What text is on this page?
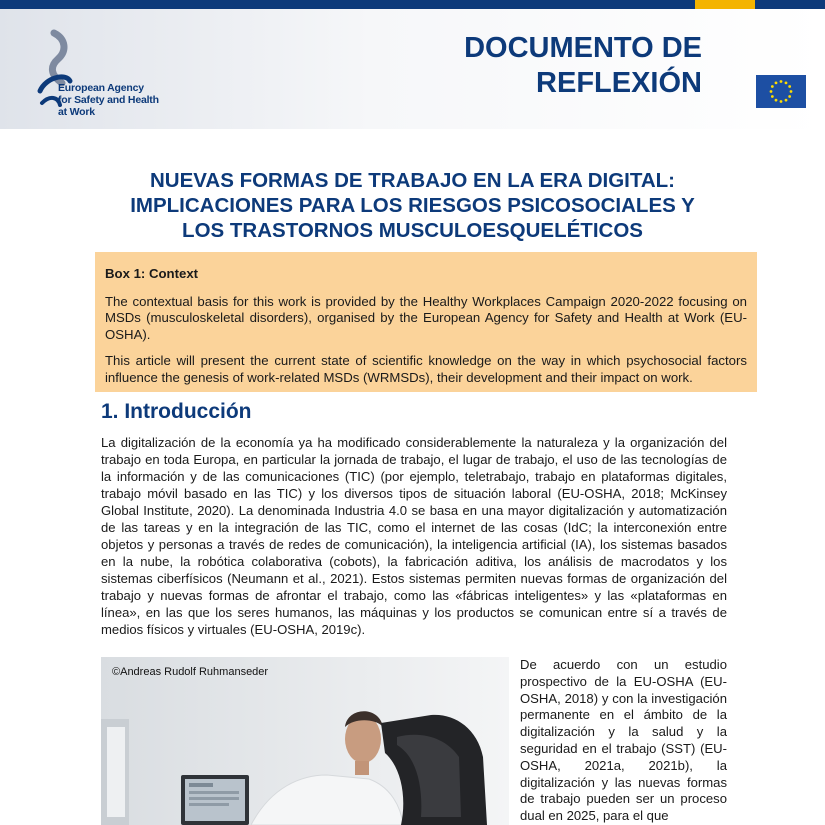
European Agency
for Safety and Health
at Work
DOCUMENTO DE
REFLEXIÓN
NUEVAS FORMAS DE TRABAJO EN LA ERA DIGITAL:
IMPLICACIONES PARA LOS RIESGOS PSICOSOCIALES Y
LOS TRASTORNOS MUSCULOESQUELÉTICOS
Box 1: Context

The contextual basis for this work is provided by the Healthy Workplaces Campaign 2020-2022 focusing on MSDs (musculoskeletal disorders), organised by the European Agency for Safety and Health at Work (EU-OSHA).

This article will present the current state of scientific knowledge on the way in which psychosocial factors influence the genesis of work-related MSDs (WRMSDs), their development and their impact on work.

1. Introducción

La digitalización de la economía ya ha modificado considerablemente la naturaleza y la organización del trabajo en toda Europa, en particular la jornada de trabajo, el lugar de trabajo, el uso de las tecnologías de la información y de las comunicaciones (TIC) (por ejemplo, teletrabajo, trabajo en plataformas digitales, trabajo móvil basado en las TIC) y los diversos tipos de situación laboral (EU-OSHA, 2018; McKinsey Global Institute, 2020). La denominada Industria 4.0 se basa en una mayor digitalización y automatización de las tareas y en la integración de las TIC, como el internet de las cosas (IdC; la interconexión entre objetos y personas a través de redes de comunicación), la inteligencia artificial (IA), los sistemas basados en la nube, la robótica colaborativa (cobots), la fabricación aditiva, los análisis de macrodatos y los sistemas ciberfísicos (Neumann et al., 2021). Estos sistemas permiten nuevas formas de organización del trabajo y nuevas formas de afrontar el trabajo, como las «fábricas inteligentes» y las «plataformas en línea», en las que los seres humanos, las máquinas y los productos se comunican entre sí a través de medios físicos y virtuales (EU-OSHA, 2019c).

©Andreas Rudolf Ruhmanseder	De acuerdo con un estudio prospectivo de la EU-OSHA (EU-OSHA, 2018) y con la investigación permanente en el ámbito de la digitalización y la salud y la seguridad en el trabajo (SST) (EU-OSHA, 2021a, 2021b), la digitalización y las nuevas formas de trabajo pueden ser un proceso dual en 2025, para el que
